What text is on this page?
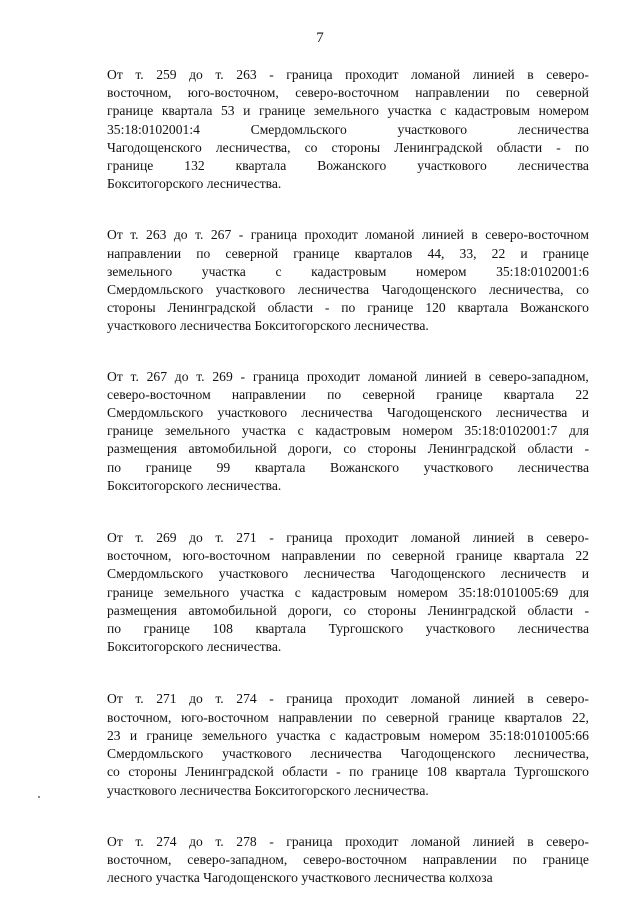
7
От т. 259 до т. 263 - граница проходит ломаной линией в северо-
восточном, юго-восточном, северо-восточном направлении по северной
границе квартала 53 и границе земельного участка с кадастровым номером
35:18:0102001:4	Смердомльского	участкового	лесничества
Чагодощенского лесничества, со стороны Ленинградской области - по
границе 132 квартала Вожанского участкового лесничества
Бокситогорского лесничества.
От т. 263 до т. 267 - граница проходит ломаной линией в северо-восточном
направлении по северной границе кварталов 44, 33, 22 и границе
земельного участка с кадастровым номером 35:18:0102001:6
Смердомльского участкового лесничества Чагодощенского лесничества, со
стороны Ленинградской области - по границе 120 квартала Вожанского
участкового лесничества Бокситогорского лесничества.
От т. 267 до т. 269 - граница проходит ломаной линией в северо-западном,
северо-восточном направлении по северной границе квартала 22
Смердомльского участкового лесничества Чагодощенского лесничества и
границе земельного участка с кадастровым номером 35:18:0102001:7 для
размещения автомобильной дороги, со стороны Ленинградской области -
по границе 99 квартала Вожанского участкового лесничества
Бокситогорского лесничества.
От т. 269 до т. 271 - граница проходит ломаной линией в северо-
восточном, юго-восточном направлении по северной границе квартала 22
Смердомльского участкового лесничества Чагодощенского лесничеств и
границе земельного участка с кадастровым номером 35:18:0101005:69 для
размещения автомобильной дороги, со стороны Ленинградской области -
по границе 108 квартала Тургошского участкового лесничества
Бокситогорского лесничества.
От т. 271 до т. 274 - граница проходит ломаной линией в северо-
восточном, юго-восточном направлении по северной границе кварталов 22,
23 и границе земельного участка с кадастровым номером 35:18:0101005:66
Смердомльского участкового лесничества Чагодощенского лесничества,
со стороны Ленинградской области - по границе 108 квартала Тургошского
участкового лесничества Бокситогорского лесничества.
От т. 274 до т. 278 - граница проходит ломаной линией в северо-
восточном, северо-западном, северо-восточном направлении по границе
лесного участка Чагодощенского участкового лесничества колхоза
